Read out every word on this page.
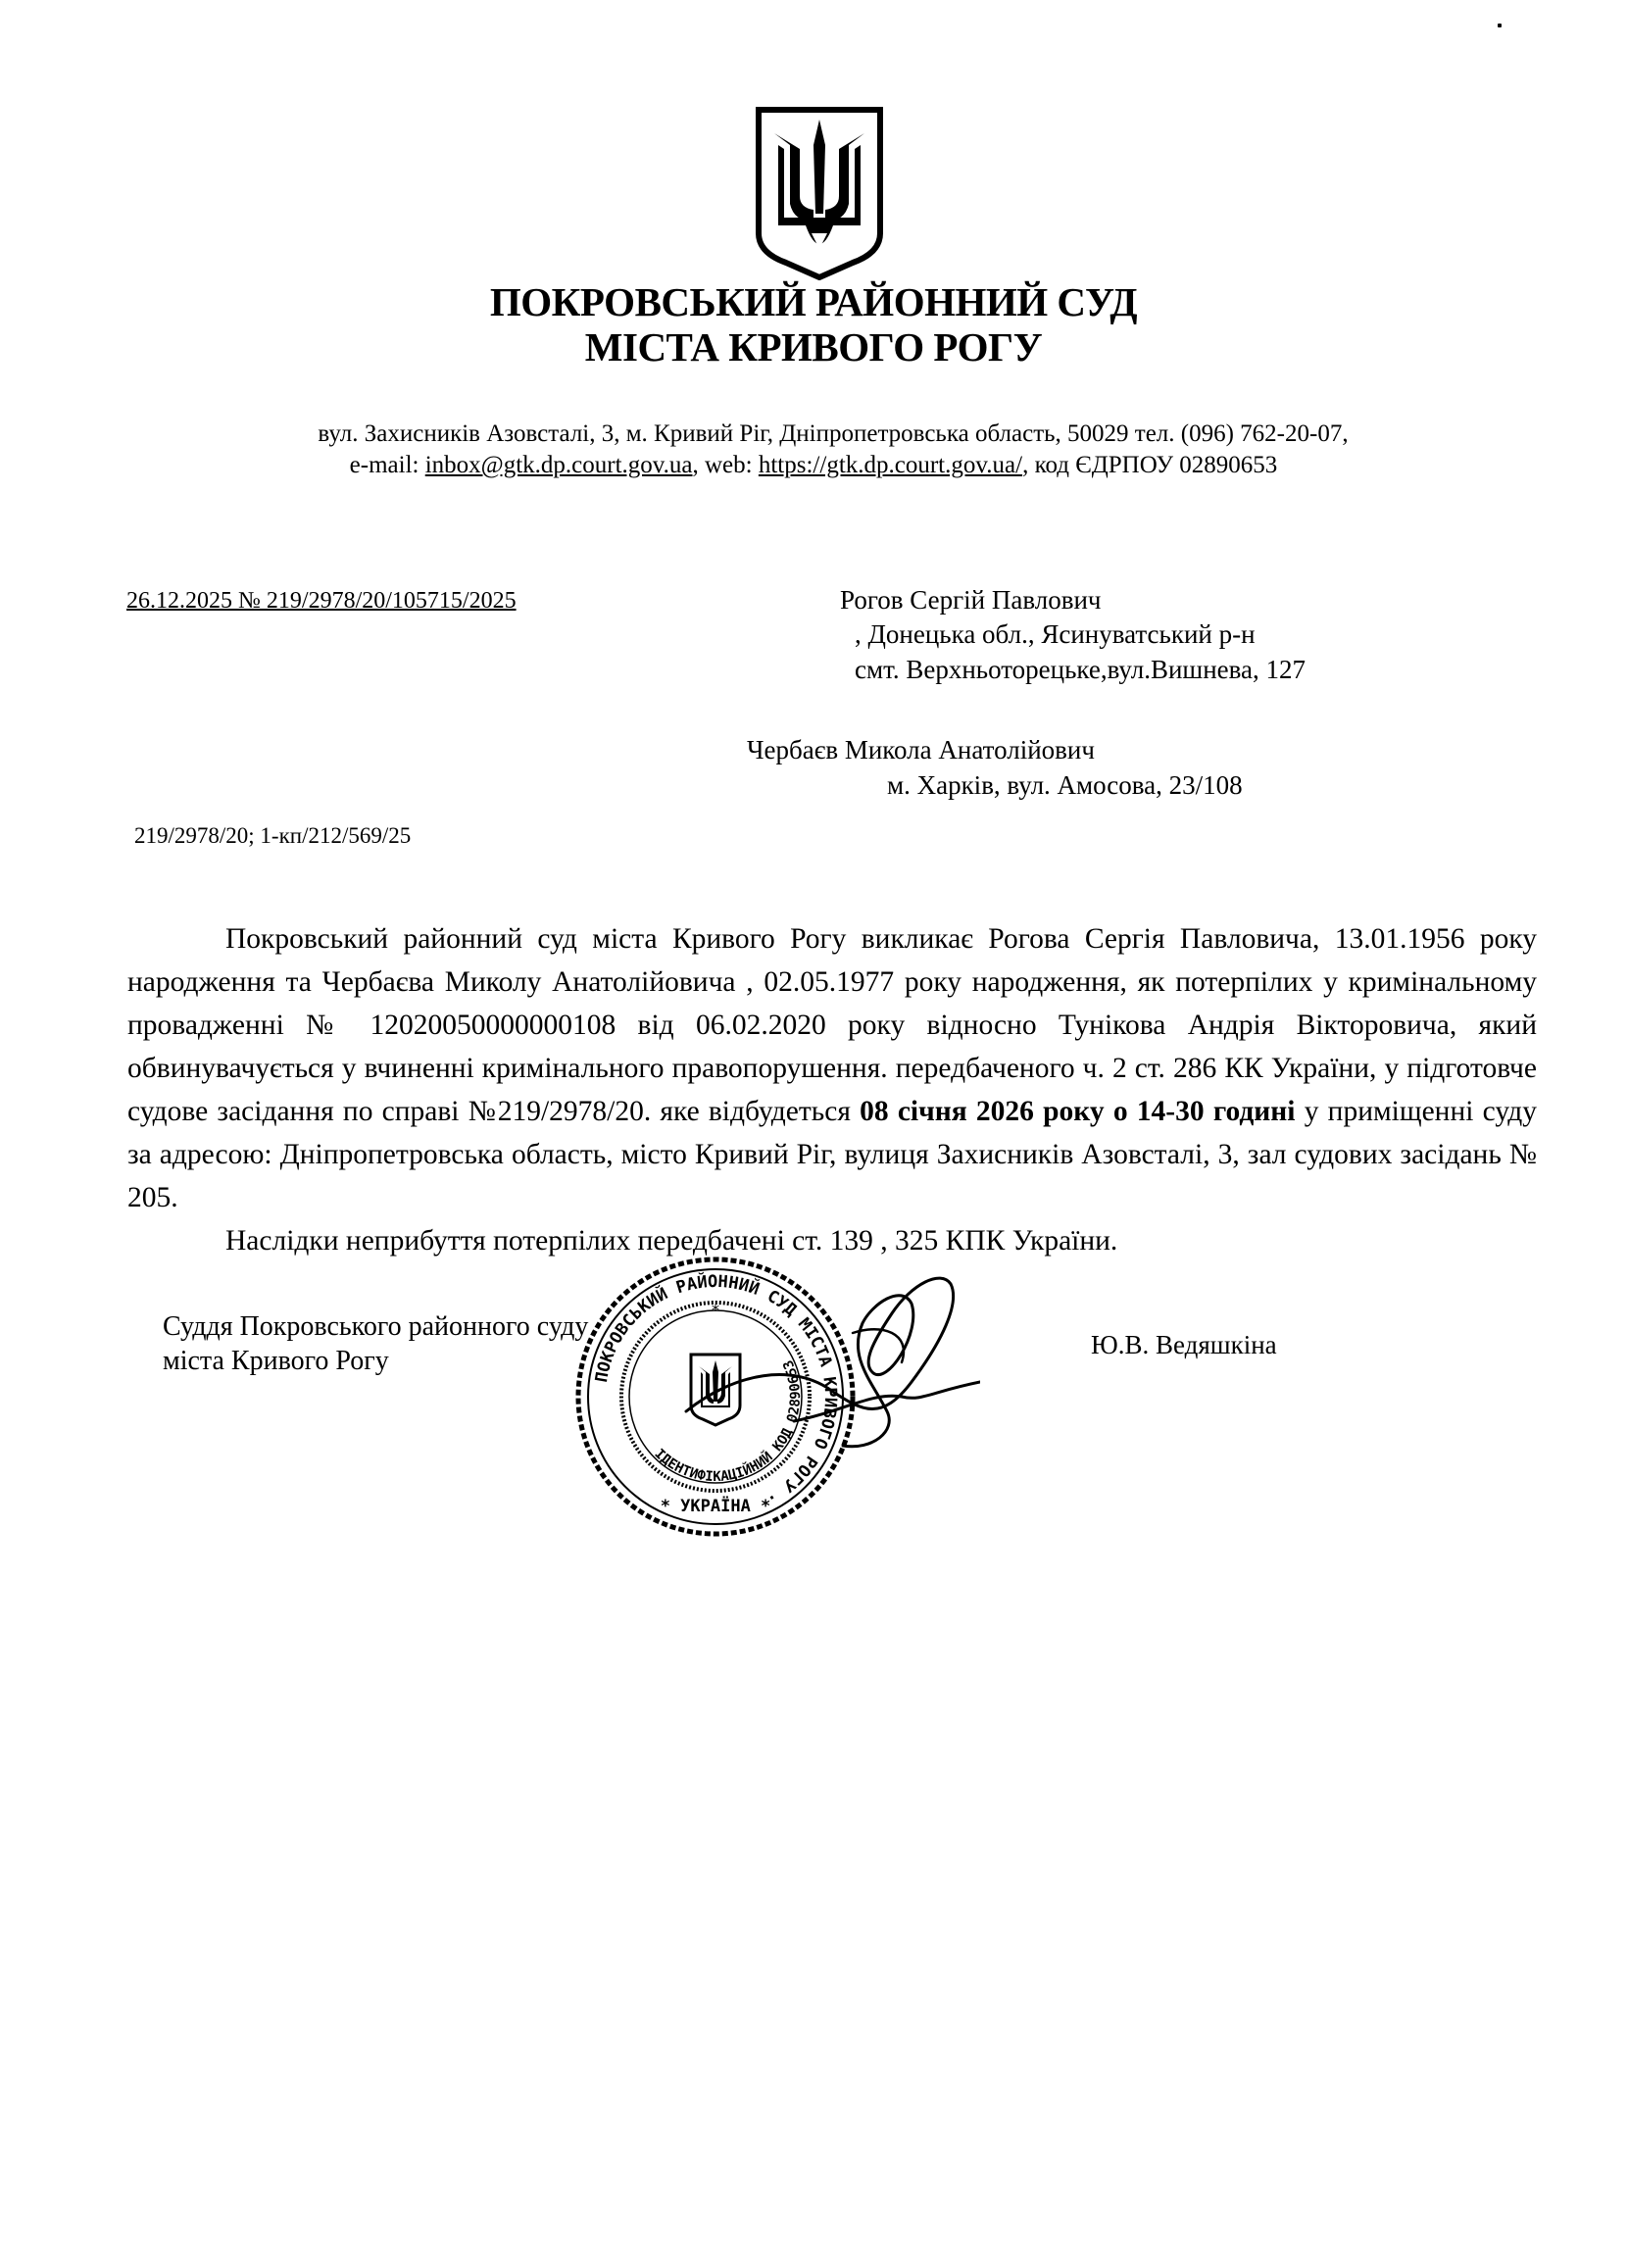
ПОКРОВСЬКИЙ РАЙОННИЙ СУД
МІСТА КРИВОГО РОГУ
вул. Захисників Азовсталі, 3, м. Кривий Ріг, Дніпропетровська область, 50029 тел. (096) 762-20-07,
e-mail: inbox@gtk.dp.court.gov.ua, web: https://gtk.dp.court.gov.ua/, код ЄДРПОУ 02890653
26.12.2025 № 219/2978/20/105715/2025	Рогов Сергій Павлович
, Донецька обл., Ясинуватський р-н
смт. Верхньоторецьке,вул.Вишнева, 127
Чербаєв Микола Анатолійович
м. Харків, вул. Амосова, 23/108
219/2978/20; 1-кп/212/569/25

Покровський районний суд міста Кривого Рогу викликає Рогова Сергія Павловича, 13.01.1956 року народження та Чербаєва Миколу Анатолійовича , 02.05.1977 року народження, як потерпілих у кримінальному провадженні № 12020050000000108 від 06.02.2020 року відносно Тунікова Андрія Вікторовича, який обвинувачується у вчиненні кримінального правопорушення. передбаченого ч. 2 ст. 286 КК України, у підготовче судове засідання по справі №219/2978/20. яке відбудеться 08 січня 2026 року о 14-30 годині у приміщенні суду за адресою: Дніпропетровська область, місто Кривий Ріг, вулиця Захисників Азовсталі, 3, зал судових засідань № 205.

Наслідки неприбуття потерпілих передбачені ст. 139 , 325 КПК України.

Суддя Покровського районного суду
міста Кривого Рогу
Ю.В. Ведяшкіна
ПОКРОВСЬКИЙ РАЙОННИЙ СУД МІСТА КРИВОГО РОГУ ·
ІДЕНТИФІКАЦІЙНИЙ КОД 02890653
* УКРАЇНА *
*
